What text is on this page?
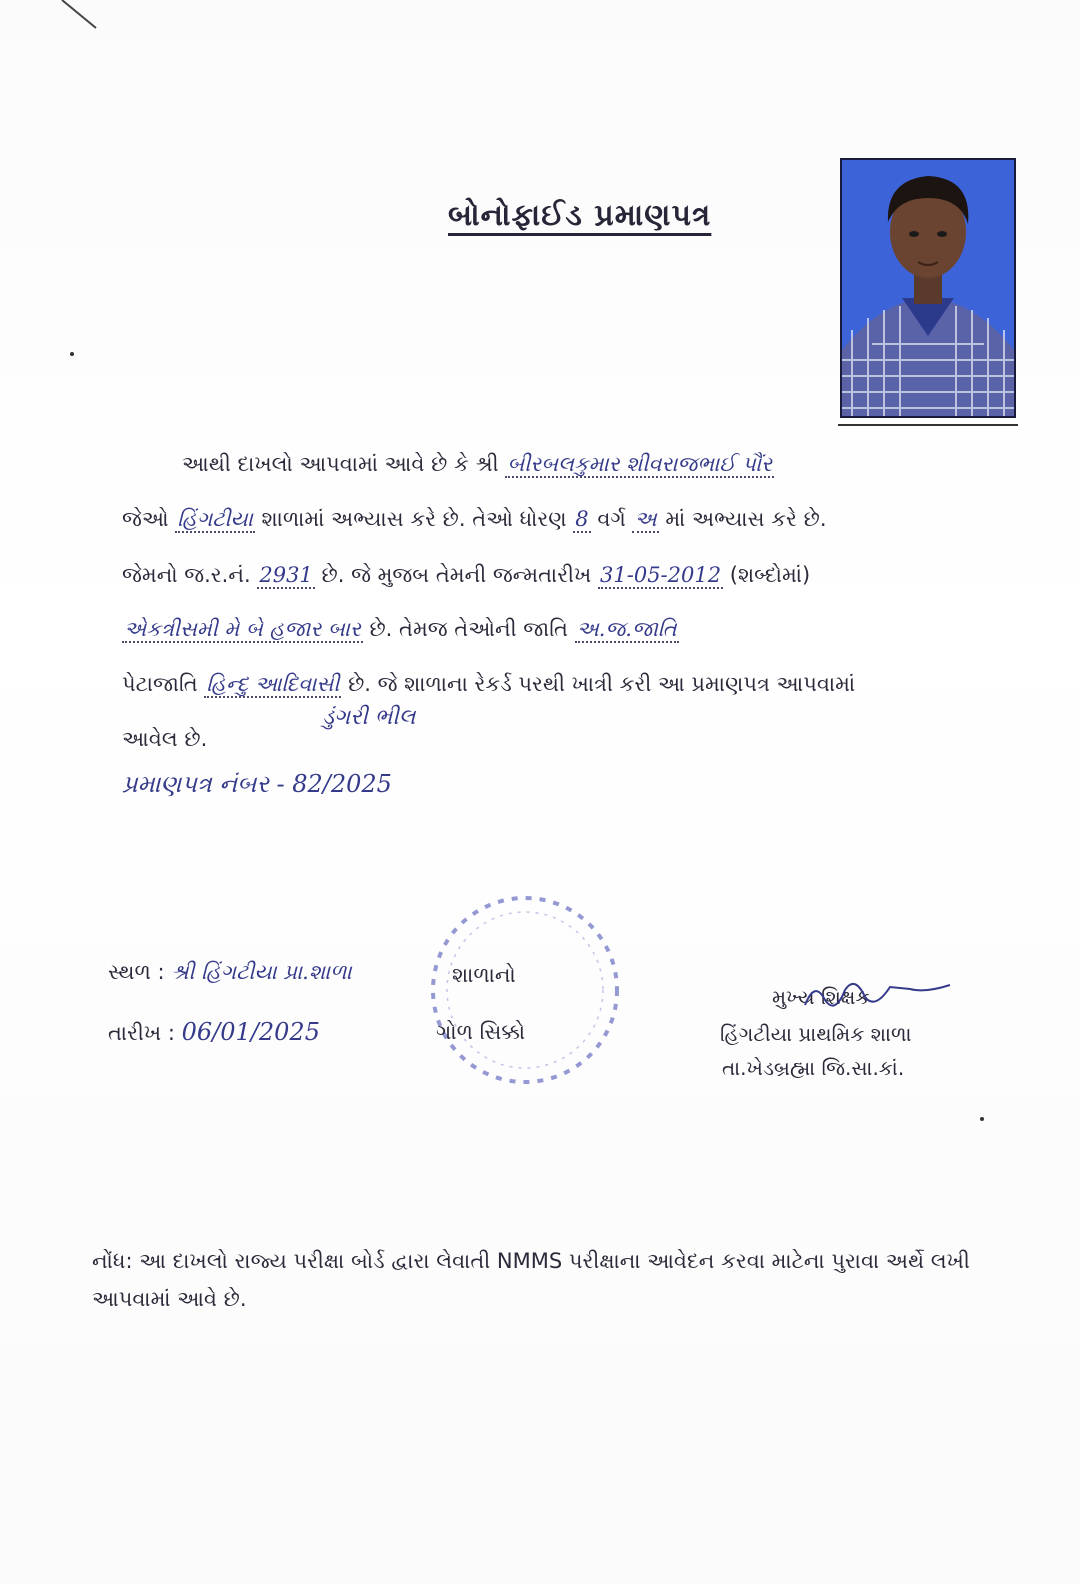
બોનોફાઈડ પ્રમાણપત્ર
આથી દાખલો આપવામાં આવે છે કે શ્રી બીરબલકુમાર શીવરાજભાઈ પૌંર
જેઓ હિંગટીયા શાળામાં અભ્યાસ કરે છે. તેઓ ધોરણ 8 વર્ગ અ માં અભ્યાસ કરે છે.
જેમનો જ.ર.નં. 2931 છે. જે મુજબ તેમની જન્મતારીખ 31-05-2012 (શબ્દોમાં)
એકત્રીસમી મે બે હજાર બાર છે. તેમજ તેઓની જાતિ અ.જ.જાતિ
પેટાજાતિ હિન્દુ આદિવાસી છે. જે શાળાના રેકર્ડ પરથી ખાત્રી કરી આ પ્રમાણપત્ર આપવામાં
ડુંગરી ભીલ
આવેલ છે.
પ્રમાણપત્ર નંબર - 82/2025
સ્થળ : શ્રી હિંગટીયા પ્રા.શાળા
તારીખ : 06/01/2025
શાળાનો
ગોળ સિક્કો
મુખ્ય શિક્ષક
હિંગટીયા પ્રાથમિક શાળા
તા.ખેડબ્રહ્મા જિ.સા.કાં.
નોંધ: આ દાખલો રાજ્ય પરીક્ષા બોર્ડ દ્વારા લેવાતી NMMS પરીક્ષાના આવેદન કરવા માટેના પુરાવા અર્થે લખી આપવામાં આવે છે.
